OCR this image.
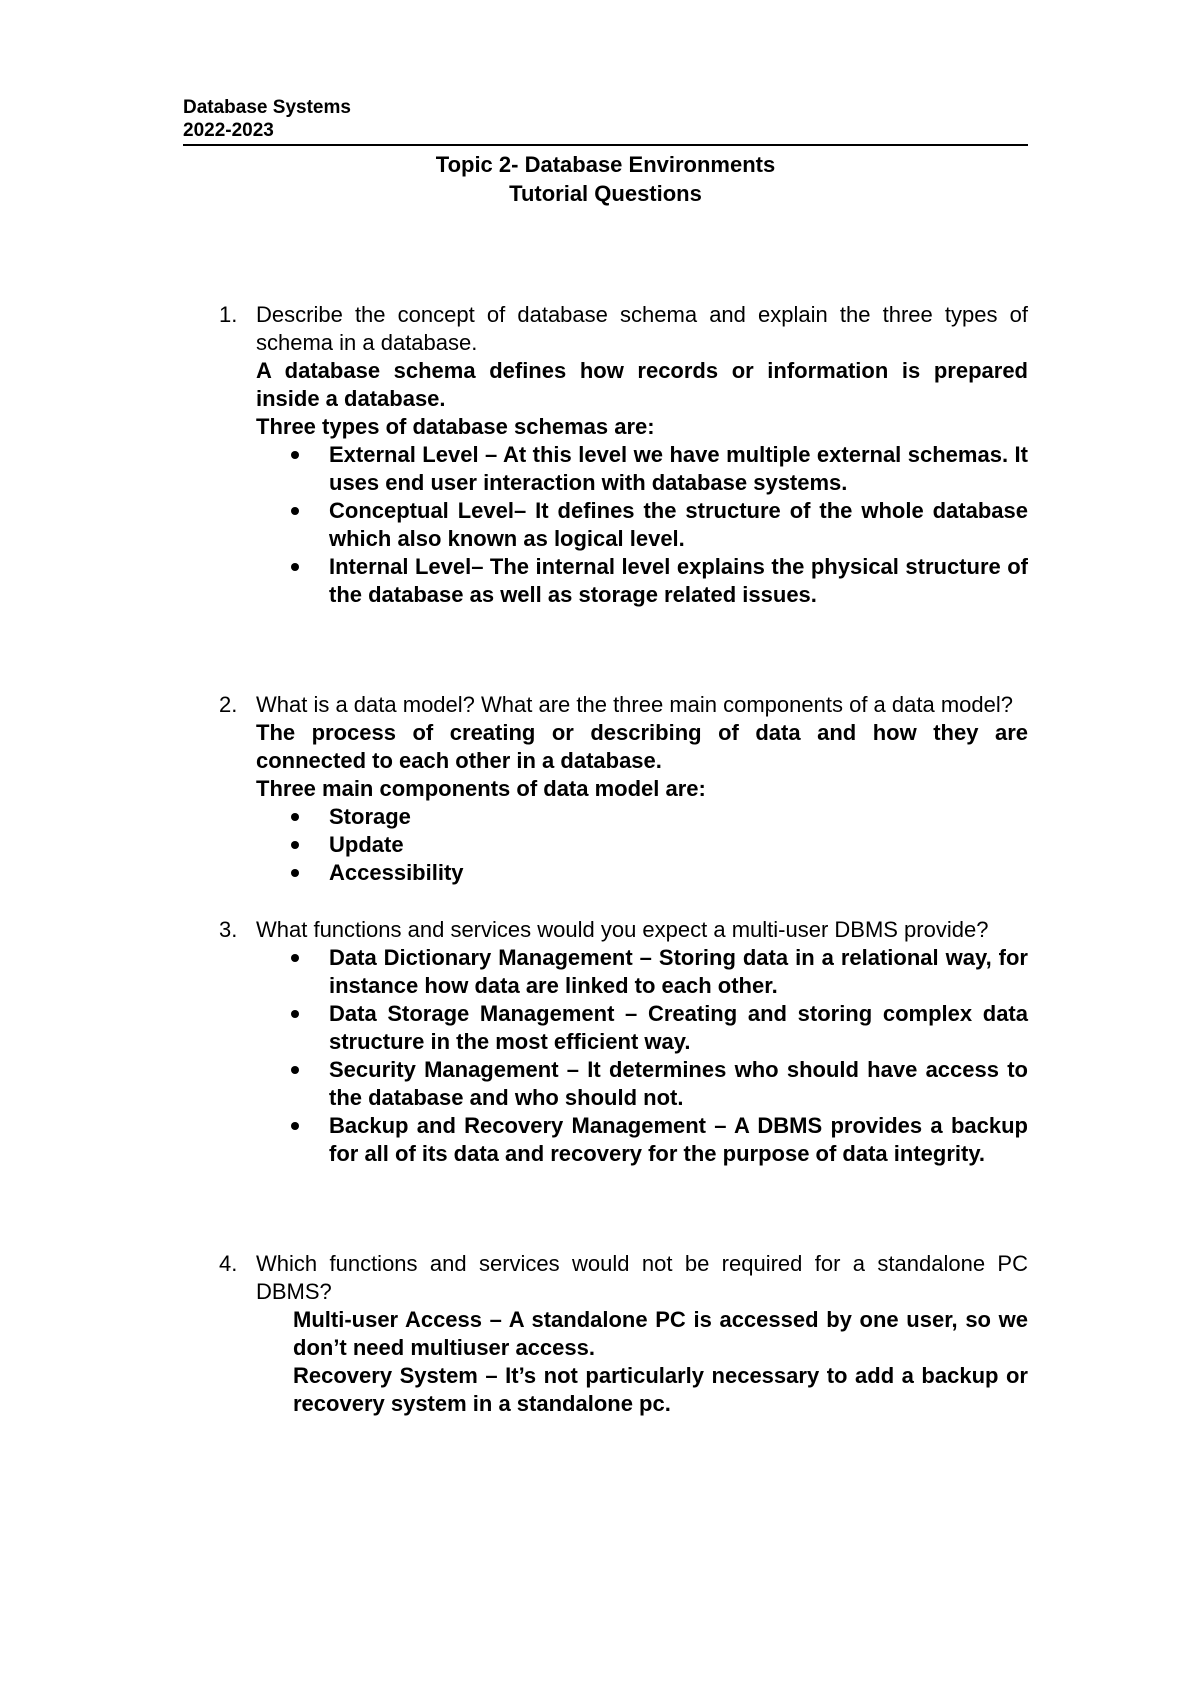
Database Systems
2022-2023
Topic 2- Database Environments
Tutorial Questions
1. Describe the concept of database schema and explain the three types of schema in a database.
A database schema defines how records or information is prepared inside a database.
Three types of database schemas are:
External Level – At this level we have multiple external schemas. It uses end user interaction with database systems.
Conceptual Level– It defines the structure of the whole database which also known as logical level.
Internal Level– The internal level explains the physical structure of the database as well as storage related issues.
2. What is a data model? What are the three main components of a data model?
The process of creating or describing of data and how they are connected to each other in a database.
Three main components of data model are:
Storage
Update
Accessibility
3. What functions and services would you expect a multi-user DBMS provide?
Data Dictionary Management – Storing data in a relational way, for instance how data are linked to each other.
Data Storage Management – Creating and storing complex data structure in the most efficient way.
Security Management – It determines who should have access to the database and who should not.
Backup and Recovery Management – A DBMS provides a backup for all of its data and recovery for the purpose of data integrity.
4. Which functions and services would not be required for a standalone PC DBMS?
Multi-user Access – A standalone PC is accessed by one user, so we don’t need multiuser access.
Recovery System – It’s not particularly necessary to add a backup or recovery system in a standalone pc.
